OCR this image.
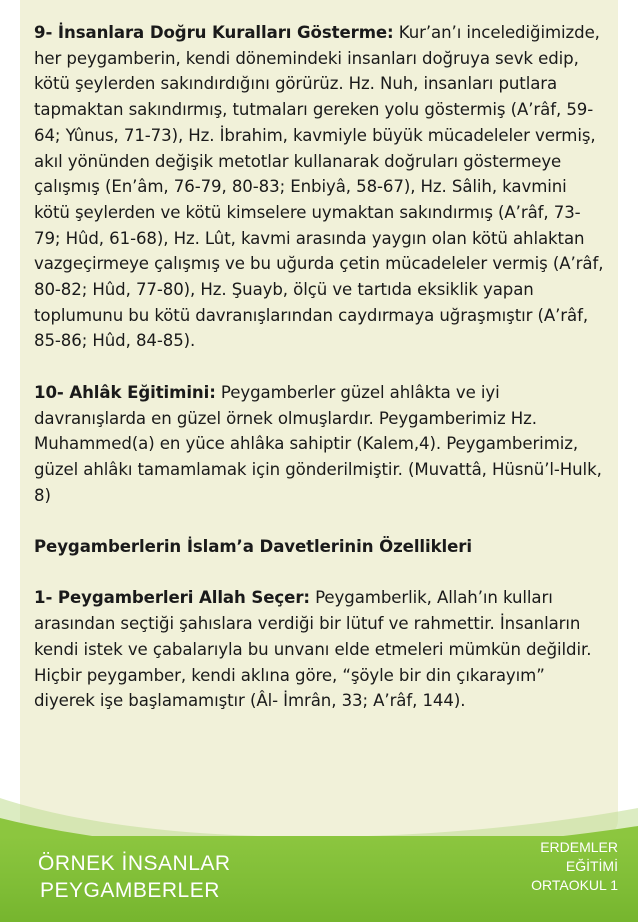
9- İnsanlara Doğru Kuralları Gösterme: Kur’an’ı incelediğimizde, her peygamberin, kendi dönemindeki insanları doğruya sevk edip, kötü şeylerden sakındırdığını görürüz. Hz. Nuh, insanları putlara tapmaktan sakındırmış, tutmaları gereken yolu göstermiş (A’râf, 59-64; Yûnus, 71-73), Hz. İbrahim, kavmiyle büyük mücadeleler vermiş, akıl yönünden değişik metotlar kullanarak doğruları göstermeye çalışmış (En’âm, 76-79, 80-83; Enbiyâ, 58-67), Hz. Sâlih, kavmini kötü şeylerden ve kötü kimselere uymaktan sakındırmış (A’râf, 73-79; Hûd, 61-68), Hz. Lût, kavmi arasında yaygın olan kötü ahlaktan vazgeçirmeye çalışmış ve bu uğurda çetin mücadeleler vermiş (A’râf, 80-82; Hûd, 77-80), Hz. Şuayb, ölçü ve tartıda eksiklik yapan toplumunu bu kötü davranışlarından caydırmaya uğraşmıştır (A’râf, 85-86; Hûd, 84-85).

10- Ahlâk Eğitimini: Peygamberler güzel ahlâkta ve iyi davranışlarda en güzel örnek olmuşlardır. Peygamberimiz Hz. Muhammed(a) en yüce ahlâka sahiptir (Kalem,4). Peygamberimiz, güzel ahlâkı tamamlamak için gönderilmiştir. (Muvattâ, Hüsnü’l-Hulk, 8)

Peygamberlerin İslam’a Davetlerinin Özellikleri

1- Peygamberleri Allah Seçer: Peygamberlik, Allah’ın kulları arasından seçtiği şahıslara verdiği bir lütuf ve rahmettir. İnsanların kendi istek ve çabalarıyla bu unvanı elde etmeleri mümkün değildir. Hiçbir peygamber, kendi aklına göre, “şöyle bir din çıkarayım” diyerek işe başlamamıştır (Âl- İmrân, 33; A’râf, 144).

ÖRNEK İNSANLAR
PEYGAMBERLER
ERDEMLER
EĞİTİMİ
ORTAOKUL 1
